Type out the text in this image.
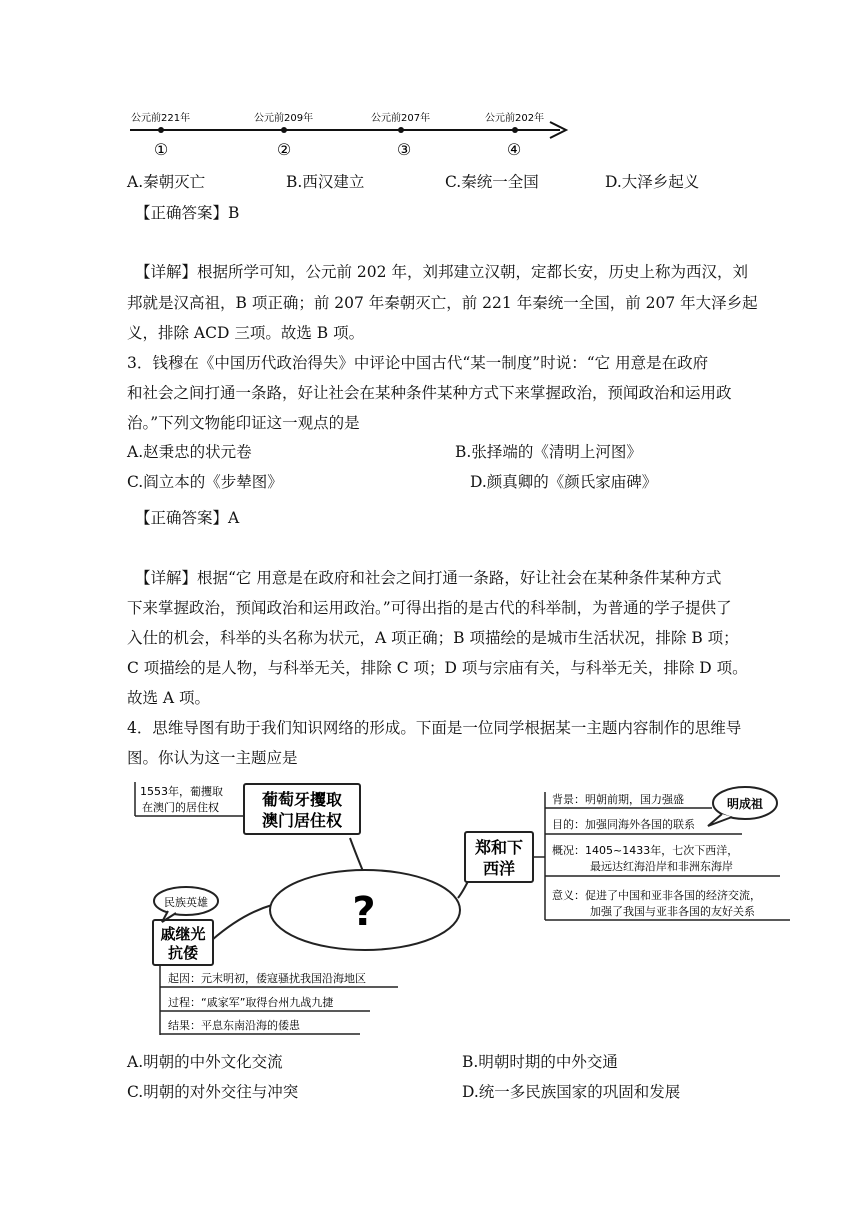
公元前221年	公元前209年	公元前207年	公元前202年
①	②	③	④
A.秦朝灭亡	B.西汉建立	C.秦统一全国	D.大泽乡起义
【正确答案】B
【详解】根据所学可知，公元前 202 年，刘邦建立汉朝，定都长安，历史上称为西汉，刘
邦就是汉高祖，B 项正确；前 207 年秦朝灭亡，前 221 年秦统一全国，前 207 年大泽乡起
义，排除 ACD 三项。故选 B 项。
3．钱穆在《中国历代政治得失》中评论中国古代“某一制度”时说：“它 用意是在政府
和社会之间打通一条路，好让社会在某种条件某种方式下来掌握政治，预闻政治和运用政
治。”下列文物能印证这一观点的是
A.赵秉忠的状元卷	B.张择端的《清明上河图》
C.阎立本的《步辇图》	D.颜真卿的《颜氏家庙碑》
【正确答案】A
【详解】根据“它 用意是在政府和社会之间打通一条路，好让社会在某种条件某种方式
下来掌握政治，预闻政治和运用政治。”可得出指的是古代的科举制，为普通的学子提供了
入仕的机会，科举的头名称为状元，A 项正确；B 项描绘的是城市生活状况，排除 B 项；
C 项描绘的是人物，与科举无关，排除 C 项；D 项与宗庙有关，与科举无关，排除 D 项。
故选 A 项。
4．思维导图有助于我们知识网络的形成。下面是一位同学根据某一主题内容制作的思维导
图。你认为这一主题应是
?
葡萄牙攫取
澳门居住权
1553年，葡攫取
在澳门的居住权
郑和下
西洋
背景：明朝前期，国力强盛
目的：加强同海外各国的联系
概况：1405~1433年，七次下西洋，
最远达红海沿岸和非洲东海岸
意义：促进了中国和亚非各国的经济交流，
加强了我国与亚非各国的友好关系
明成祖
戚继光
抗倭
民族英雄
起因：元末明初，倭寇骚扰我国沿海地区
过程：“戚家军”取得台州九战九捷
结果：平息东南沿海的倭患
A.明朝的中外文化交流	B.明朝时期的中外交通
C.明朝的对外交往与冲突	D.统一多民族国家的巩固和发展
